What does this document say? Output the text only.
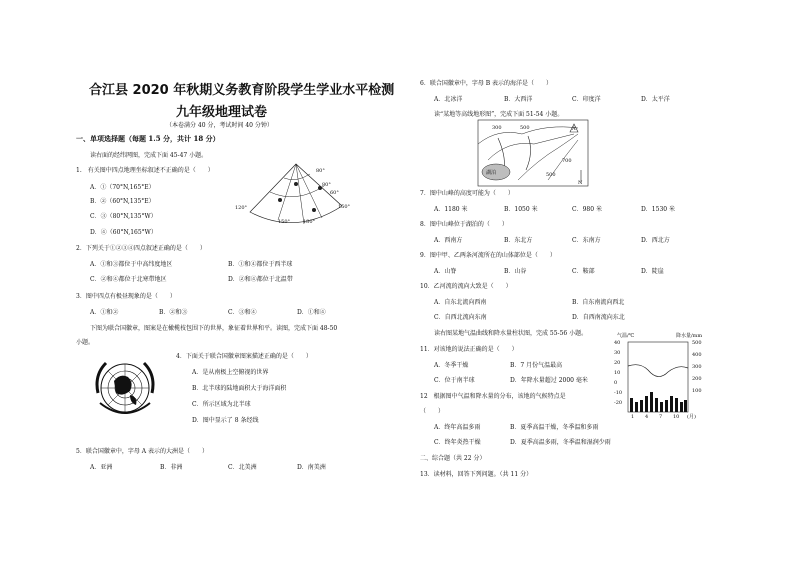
合江县 2020 年秋期义务教育阶段学生学业水平检测
九年级地理试卷
（本卷满分 40 分，考试时间 40 分钟）
一、单项选择题（每题 1.5 分，共计 18 分）
读右面的经纬网图，完成下面 45-47 小题。
1.　有关图中四点地理坐标叙述不正确的是（　　）
A．①（70°N,165°E）
B．②（60°N,135°E）
C．③（80°N,135°W）
D．④（60°N,165°W）
80°
80°
60°
150°
120°
150°	180°
2．下列关于①②③④四点叙述正确的是（　　）
A．①和③都位于中高纬度地区	B．①和④都位于西半球
C．②和④都位于北寒带地区	D．②和④都位于北温带
3．图中四点有极昼现象的是（　　）
A．①和②	B．②和③	C．③和④	D．①和④
下图为联合国徽章，图案是在橄榄枝包围下的世界，象征着世界和平。读图，完成下面 48-50
小题。
4．下面关于联合国徽章图案描述正确的是（　　）
A．是从南极上空俯视的世界
B．北半球的陆地面积大于海洋面积
C．所示区域为北半球
D．图中显示了 8 条经线
5．联合国徽章中，字母 A 表示的大洲是（　　）
A．亚洲	B．非洲	C．北美洲	D．南美洲
6．联合国徽章中，字母 B 表示的海洋是（　　）
A．北冰洋	B．大西洋	C．印度洋	D．太平洋
读“某地等高线地形图”，完成下面 51-54 小题。
300	500
500
700
湖泊
N
A
7．图中山峰的高度可能为（　　）
A．1180 米	B．1050 米	C．980 米	D．1530 米
8．图中山峰位于湖泊的（　　）
A．西南方	B．东北方	C．东南方	D．西北方
9．图中甲、乙两条河流所在的山体部位是（　　）
A．山脊	B．山谷	C．鞍部	D．陡崖
10．乙河流的流向大致是（　　）
A．自东北流向西南	B．自东南流向西北
C．自西北流向东南	D．自西南流向东北
读右图某地气温曲线和降水量柱状图，完成 55-56 小题。
11．对该地的说法正确的是（　　）
A．冬季干燥	B．7 月份气温最高
C．位于南半球	D．年降水量超过 2000 毫米
12　根据图中气温和降水量的分布，该地的气候特点是
（　　）
A．终年高温多雨	B．夏季高温干燥，冬季温和多雨
C．终年炎热干燥	D．夏季高温多雨，冬季温和湿润少雨
二、综合题（共 22 分）
13．读材料，回答下列问题。（共 11 分）
气温/℃	降水量/mm
40
30
20
10
0
-10
-20
500
400
300
200
100
1 4 7 10 (月)
